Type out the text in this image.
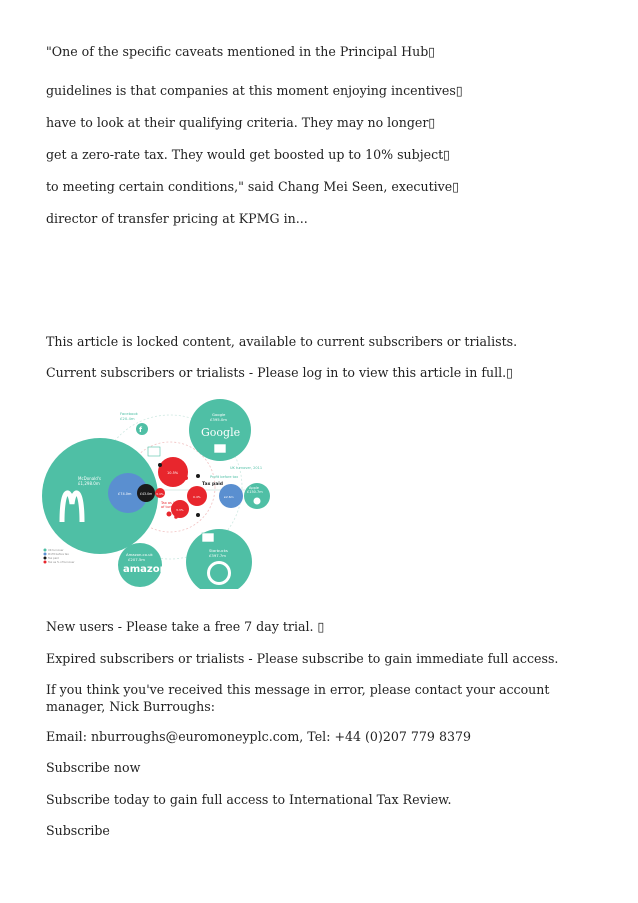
"One of the specific caveats mentioned in the Principal Hub▯

guidelines is that companies at this moment enjoying incentives▯

have to look at their qualifying criteria. They may no longer▯

get a zero-rate tax. They would get boosted up to 10% subject▯

to meeting certain conditions," said Chang Mei Seen, executive▯

director of transfer pricing at KPMG in...

This article is locked content, available to current subscribers or trialists.

Current subscribers or trialists - Please log in to view this article in full.▯

McDonald's
£1,298.0m
£74.0m	£43.0m 3.4%
10.5%
0.4%
3.3%
Tax paid
Profit before tax
UK turnover, 2011
Tax as % of turnover
f
Facebook
£20.4m
Google
£395.0m
Google
£2.6m
Apple
£150.7m
Amazon.co.uk
£207.5m
amazon
Starbucks
£397.7m
UK turnover
Profit before tax
Tax paid
Tax as % of turnover

New users - Please take a free 7 day trial. ▯

Expired subscribers or trialists - Please subscribe to gain immediate full access.

If you think you've received this message in error, please contact your account manager, Nick Burroughs:

Email: nburroughs@euromoneyplc.com, Tel: +44 (0)207 779 8379

Subscribe now

Subscribe today to gain full access to International Tax Review.

Subscribe
